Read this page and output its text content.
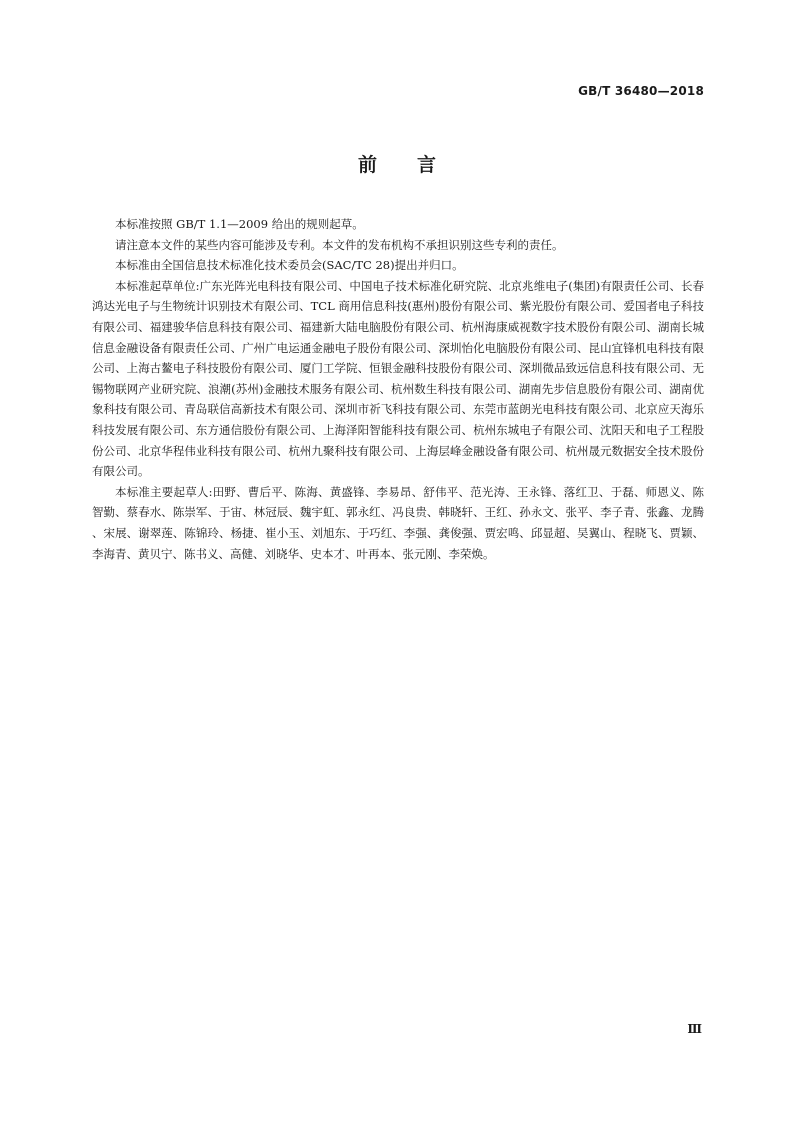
GB/T 36480—2018
前 言

本标准按照 GB/T 1.1—2009 给出的规则起草。

请注意本文件的某些内容可能涉及专利。本文件的发布机构不承担识别这些专利的责任。

本标准由全国信息技术标准化技术委员会(SAC/TC 28)提出并归口。

本标准起草单位:广东光阵光电科技有限公司、中国电子技术标准化研究院、北京兆维电子(集团)有限责任公司、长春鸿达光电子与生物统计识别技术有限公司、TCL 商用信息科技(惠州)股份有限公司、紫光股份有限公司、爱国者电子科技有限公司、福建骏华信息科技有限公司、福建新大陆电脑股份有限公司、杭州海康威视数字技术股份有限公司、湖南长城信息金融设备有限责任公司、广州广电运通金融电子股份有限公司、深圳怡化电脑股份有限公司、昆山宜锋机电科技有限公司、上海古鳌电子科技股份有限公司、厦门工学院、恒银金融科技股份有限公司、深圳微品致远信息科技有限公司、无锡物联网产业研究院、浪潮(苏州)金融技术服务有限公司、杭州数生科技有限公司、湖南先步信息股份有限公司、湖南优象科技有限公司、青岛联信高新技术有限公司、深圳市祈飞科技有限公司、东莞市蓝朗光电科技有限公司、北京应天海乐科技发展有限公司、东方通信股份有限公司、上海泽阳智能科技有限公司、杭州东城电子有限公司、沈阳天和电子工程股份公司、北京华程伟业科技有限公司、杭州九聚科技有限公司、上海层峰金融设备有限公司、杭州晟元数据安全技术股份有限公司。

本标准主要起草人:田野、曹后平、陈海、黄盛锋、李易昂、舒伟平、范光涛、王永锋、落红卫、于磊、师恩义、陈智勤、蔡春水、陈崇军、于宙、林冠辰、魏宇虹、郭永红、冯良贵、韩晓轩、王红、孙永文、张平、李子青、张鑫、龙腾、宋展、谢翠莲、陈锦玲、杨捷、崔小玉、刘旭东、于巧红、李强、龚俊强、贾宏鸣、邱显超、吴翼山、程晓飞、贾颖、李海青、黄贝宁、陈书义、高健、刘晓华、史本才、叶再本、张元刚、李荣焕。

Ⅲ
